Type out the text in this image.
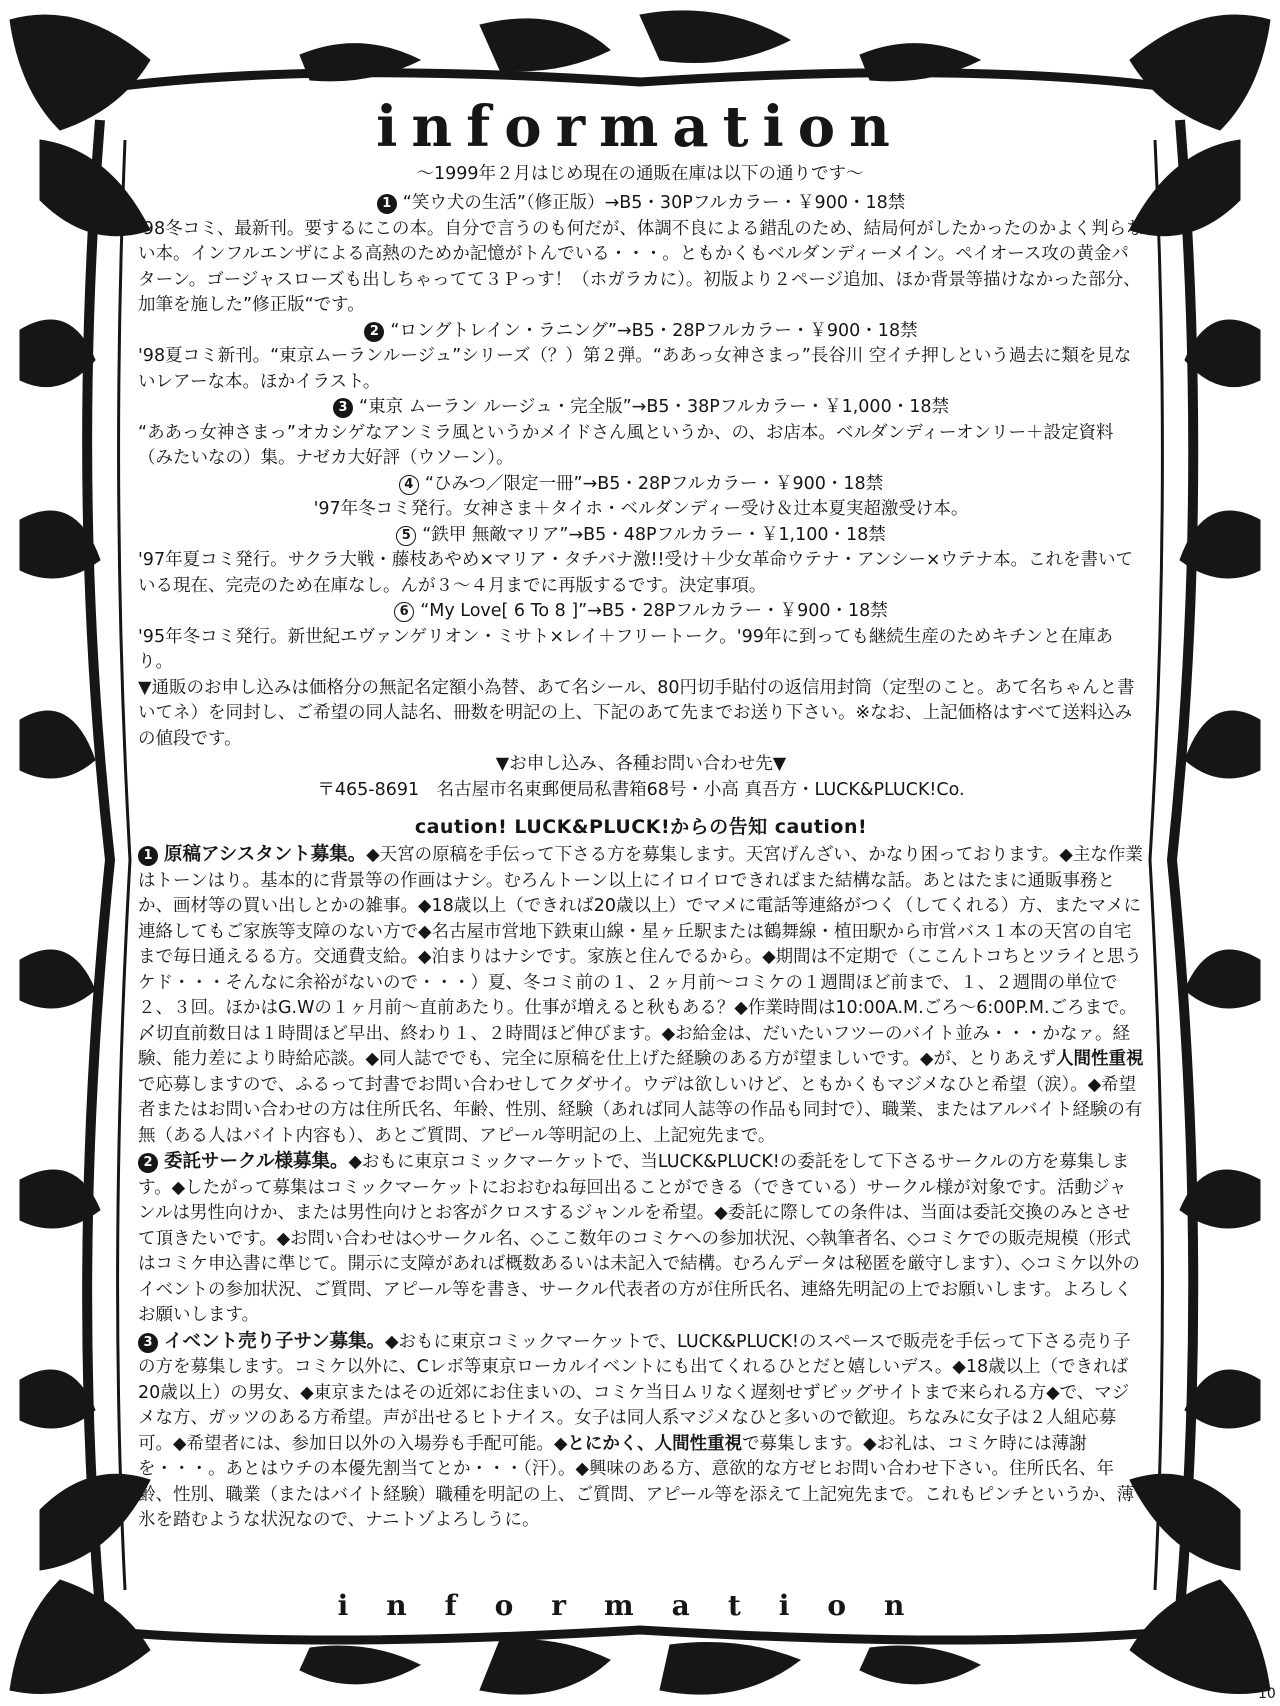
information
〜1999年２月はじめ現在の通販在庫は以下の通りです〜
1 “笑ウ犬の生活”（修正版）→B5・30Pフルカラー・￥900・18禁

'98冬コミ、最新刊。要するにこの本。自分で言うのも何だが、体調不良による錯乱のため、結局何がしたかったのかよく判らない本。インフルエンザによる高熱のためか記憶がトんでいる・・・。ともかくもベルダンディーメイン。ペイオース攻の黄金パターン。ゴージャスローズも出しちゃってて３Ｐっす！（ホガラカに）。初版より２ページ追加、ほか背景等描けなかった部分、加筆を施した”修正版“です。

2 “ロングトレイン・ラニング”→B5・28Pフルカラー・￥900・18禁

'98夏コミ新刊。“東京ムーランルージュ”シリーズ（？）第２弾。“ああっ女神さまっ”長谷川 空イチ押しという過去に類を見ないレアーな本。ほかイラスト。

3 “東京 ムーラン ルージュ・完全版”→B5・38Pフルカラー・￥1,000・18禁

“ああっ女神さまっ”オカシゲなアンミラ風というかメイドさん風というか、の、お店本。ベルダンディーオンリー＋設定資料（みたいなの）集。ナゼカ大好評（ウソーン）。

4 “ひみつ／限定一冊”→B5・28Pフルカラー・￥900・18禁

'97年冬コミ発行。女神さま＋タイホ・ベルダンディー受け＆辻本夏実超激受け本。

5 “鉄甲 無敵マリア”→B5・48Pフルカラー・￥1,100・18禁

'97年夏コミ発行。サクラ大戦・藤枝あやめ×マリア・タチバナ激!!受け＋少女革命ウテナ・アンシー×ウテナ本。これを書いている現在、完売のため在庫なし。んが３〜４月までに再版するです。決定事項。

6 “My Love[ 6 To 8 ]”→B5・28Pフルカラー・￥900・18禁

'95年冬コミ発行。新世紀エヴァンゲリオン・ミサト×レイ＋フリートーク。'99年に到っても継続生産のためキチンと在庫あり。

▼通販のお申し込みは価格分の無記名定額小為替、あて名シール、80円切手貼付の返信用封筒（定型のこと。あて名ちゃんと書いてネ）を同封し、ご希望の同人誌名、冊数を明記の上、下記のあて先までお送り下さい。※なお、上記価格はすべて送料込みの値段です。

▼お申し込み、各種お問い合わせ先▼
〒465-8691　名古屋市名東郵便局私書箱68号・小高 真吾方・LUCK&PLUCK!Co.
caution! LUCK&PLUCK!からの告知 caution!

1 原稿アシスタント募集。◆天宮の原稿を手伝って下さる方を募集します。天宮げんざい、かなり困っております。◆主な作業はトーンはり。基本的に背景等の作画はナシ。むろんトーン以上にイロイロできればまた結構な話。あとはたまに通販事務とか、画材等の買い出しとかの雑事。◆18歳以上（できれば20歳以上）でマメに電話等連絡がつく（してくれる）方、またマメに連絡してもご家族等支障のない方で◆名古屋市営地下鉄東山線・星ヶ丘駅または鶴舞線・植田駅から市営バス１本の天宮の自宅まで毎日通えるる方。交通費支給。◆泊まりはナシです。家族と住んでるから。◆期間は不定期で（ここんトコちとツライと思うケド・・・そんなに余裕がないので・・・）夏、冬コミ前の１、２ヶ月前〜コミケの１週間ほど前まで、１、２週間の単位で２、３回。ほかはG.Wの１ヶ月前〜直前あたり。仕事が増えると秋もある？◆作業時間は10:00A.M.ごろ〜6:00P.M.ごろまで。〆切直前数日は１時間ほど早出、終わり１、２時間ほど伸びます。◆お給金は、だいたいフツーのバイト並み・・・かなァ。経験、能力差により時給応談。◆同人誌ででも、完全に原稿を仕上げた経験のある方が望ましいです。◆が、とりあえず人間性重視で応募しますので、ふるって封書でお問い合わせしてクダサイ。ウデは欲しいけど、ともかくもマジメなひと希望（涙）。◆希望者またはお問い合わせの方は住所氏名、年齢、性別、経験（あれば同人誌等の作品も同封で）、職業、またはアルバイト経験の有無（ある人はバイト内容も）、あとご質問、アピール等明記の上、上記宛先まで。

2 委託サークル様募集。◆おもに東京コミックマーケットで、当LUCK&PLUCK!の委託をして下さるサークルの方を募集します。◆したがって募集はコミックマーケットにおおむね毎回出ることができる（できている）サークル様が対象です。活動ジャンルは男性向けか、または男性向けとお客がクロスするジャンルを希望。◆委託に際しての条件は、当面は委託交換のみとさせて頂きたいです。◆お問い合わせは◇サークル名、◇ここ数年のコミケへの参加状況、◇執筆者名、◇コミケでの販売規模（形式はコミケ申込書に準じて。開示に支障があれば概数あるいは未記入で結構。むろんデータは秘匿を厳守します）、◇コミケ以外のイベントの参加状況、ご質問、アピール等を書き、サークル代表者の方が住所氏名、連絡先明記の上でお願いします。よろしくお願いします。

3 イベント売り子サン募集。◆おもに東京コミックマーケットで、LUCK&PLUCK!のスペースで販売を手伝って下さる売り子の方を募集します。コミケ以外に、Cレボ等東京ローカルイベントにも出てくれるひとだと嬉しいデス。◆18歳以上（できれば20歳以上）の男女、◆東京またはその近郊にお住まいの、コミケ当日ムリなく遅刻せずビッグサイトまで来られる方◆で、マジメな方、ガッツのある方希望。声が出せるヒトナイス。女子は同人系マジメなひと多いので歓迎。ちなみに女子は２人組応募可。◆希望者には、参加日以外の入場券も手配可能。◆とにかく、人間性重視で募集します。◆お礼は、コミケ時には薄謝を・・・。あとはウチの本優先割当てとか・・・（汗）。◆興味のある方、意欲的な方ゼヒお問い合わせ下さい。住所氏名、年齢、性別、職業（またはバイト経験）職種を明記の上、ご質問、アピール等を添えて上記宛先まで。これもピンチというか、薄氷を踏むような状況なので、ナニトゾよろしうに。

information
10
